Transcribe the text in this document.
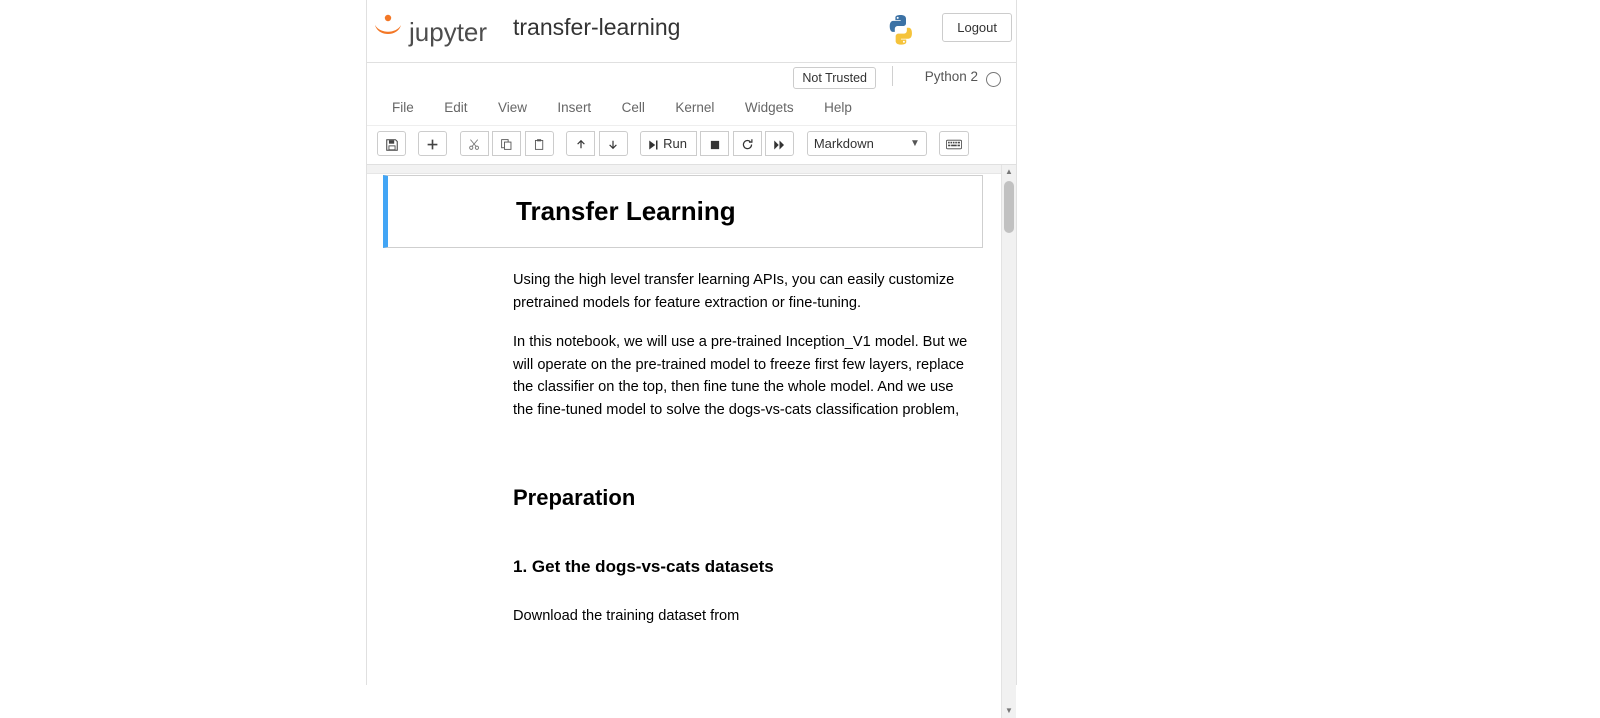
jupyter transfer-learning	Logout
Not Trusted	Python 2
File Edit View Insert Cell Kernel Widgets Help
Run	Markdown	▼

Transfer Learning
Using the high level transfer learning APIs, you can easily customize pretrained models for feature extraction or fine-tuning.
In this notebook, we will use a pre-trained Inception_V1 model. But we will operate on the pre-trained model to freeze first few layers, replace the classifier on the top, then fine tune the whole model. And we use the fine-tuned model to solve the dogs-vs-cats classification problem,
Preparation
1. Get the dogs-vs-cats datasets
Download the training dataset from
▲
▼
